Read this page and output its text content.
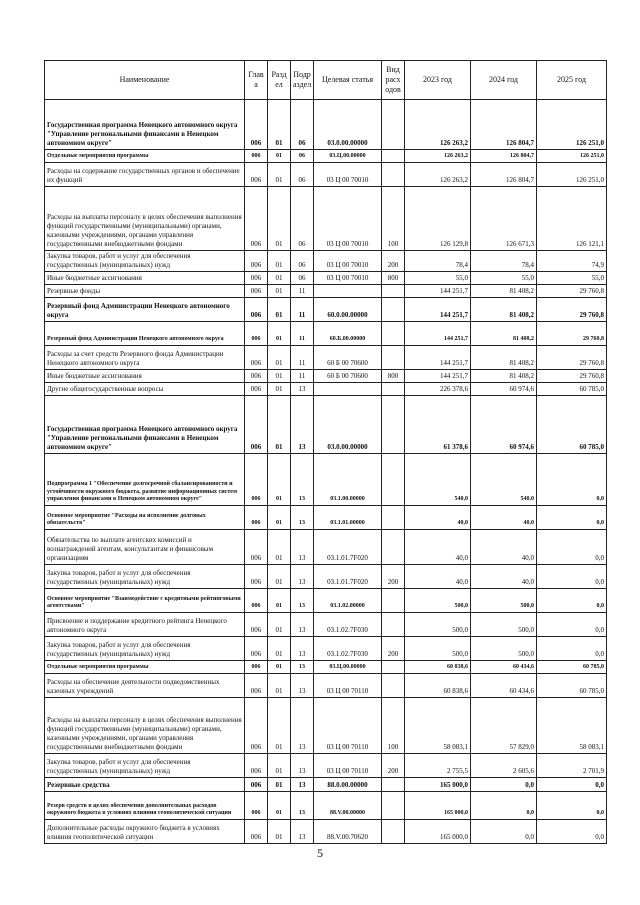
Наименование	Глав а	Разд ел	Подр аздел	Целевая статья	Вид расх одов	2023 год	2024 год	2025 год
Государственная программа Ненецкого автономного округа "Управление региональными финансами в Ненецком автономном округе"	006	01	06	03.0.00.00000		126 263,2	126 804,7	126 251,0
Отдельные мероприятия программы	006	01	06	03.Ц.00.00000		126 263,2	126 804,7	126 251,0
Расходы на содержание государственных органов и обеспечение их функций	006	01	06	03 Ц 00 70010		126 263,2	126 804,7	126 251,0
Расходы на выплаты персоналу в целях обеспечения выполнения функций государственными (муниципальными) органами, казенными учреждениями, органами управления государственными внебюджетными фондами	006	01	06	03 Ц 00 70010	100	126 129,8	126 671,3	126 121,1
Закупка товаров, работ и услуг для обеспечения государственных (муниципальных) нужд	006	01	06	03 Ц 00 70010	200	78,4	78,4	74,9
Иные бюджетные ассигнования	006	01	06	03 Ц 00 70010	800	55,0	55,0	55,0
Резервные фонды	006	01	11			144 251,7	81 408,2	29 760,8
Резервный фонд Администрации Ненецкого автономного округа	006	01	11	60.0.00.00000		144 251,7	81 408,2	29 760,8
Резервный фонд Администрации Ненецкого автономного округа	006	01	11	60.Б.00.00000		144 251,7	81 408,2	29 760,8
Расходы за счет средств Резервного фонда Администрации Ненецкого автономного округа	006	01	11	60 Б 00 70600		144 251,7	81 408,2	29 760,8
Иные бюджетные ассигнования	006	01	11	60 Б 00 70600	800	144 251,7	81 408,2	29 760,8
Другие общегосударственные вопросы	006	01	13			226 378,6	60 974,6	60 785,0
Государственная программа Ненецкого автономного округа "Управление региональными финансами в Ненецком автономном округе"	006	01	13	03.0.00.00000		61 378,6	60 974,6	60 785,0
Подпрограмма 1 "Обеспечение долгосрочной сбалансированности и устойчивости окружного бюджета, развитие информационных систем управления финансами в Ненецком автономном округе"	006	01	13	03.1.00.00000		540,0	540,0	0,0
Основное мероприятие "Расходы на исполнение долговых обязательств"	006	01	13	03.1.01.00000		40,0	40,0	0,0
Обязательства по выплате агентских комиссий и вознаграждений агентам, консультантам и финансовым организациям	006	01	13	03.1.01.7F020		40,0	40,0	0,0
Закупка товаров, работ и услуг для обеспечения государственных (муниципальных) нужд	006	01	13	03.1.01.7F020	200	40,0	40,0	0,0
Основное мероприятие "Взаимодействие с кредитными рейтинговыми агентствами"	006	01	13	03.1.02.00000		500,0	500,0	0,0
Присвоение и поддержание кредитного рейтинга Ненецкого автономного округа	006	01	13	03.1.02.7F030		500,0	500,0	0,0
Закупка товаров, работ и услуг для обеспечения государственных (муниципальных) нужд	006	01	13	03.1.02.7F030	200	500,0	500,0	0,0
Отдельные мероприятия программы	006	01	13	03.Ц.00.00000		60 838,6	60 434,6	60 785,0
Расходы на обеспечение деятельности подведомственных казенных учреждений	006	01	13	03 Ц 00 70110		60 838,6	60 434,6	60 785,0
Расходы на выплаты персоналу в целях обеспечения выполнения функций государственными (муниципальными) органами, казенными учреждениями, органами управления государственными внебюджетными фондами	006	01	13	03 Ц 00 70110	100	58 083,1	57 829,0	58 083,1
Закупка товаров, работ и услуг для обеспечения государственных (муниципальных) нужд	006	01	13	03 Ц 00 70110	200	2 755,5	2 605,6	2 701,9
Резервные средства	006	01	13	88.0.00.00000		165 000,0	0,0	0,0
Резерв средств в целях обеспечения дополнительных расходов окружного бюджета в условиях влияния геополитической ситуации	006	01	13	88.V.00.00000		165 000,0	0,0	0,0
Дополнительные расходы окружного бюджета в условиях влияния геополитической ситуации	006	01	13	88.V.00.70620		165 000,0	0,0	0,0
5
